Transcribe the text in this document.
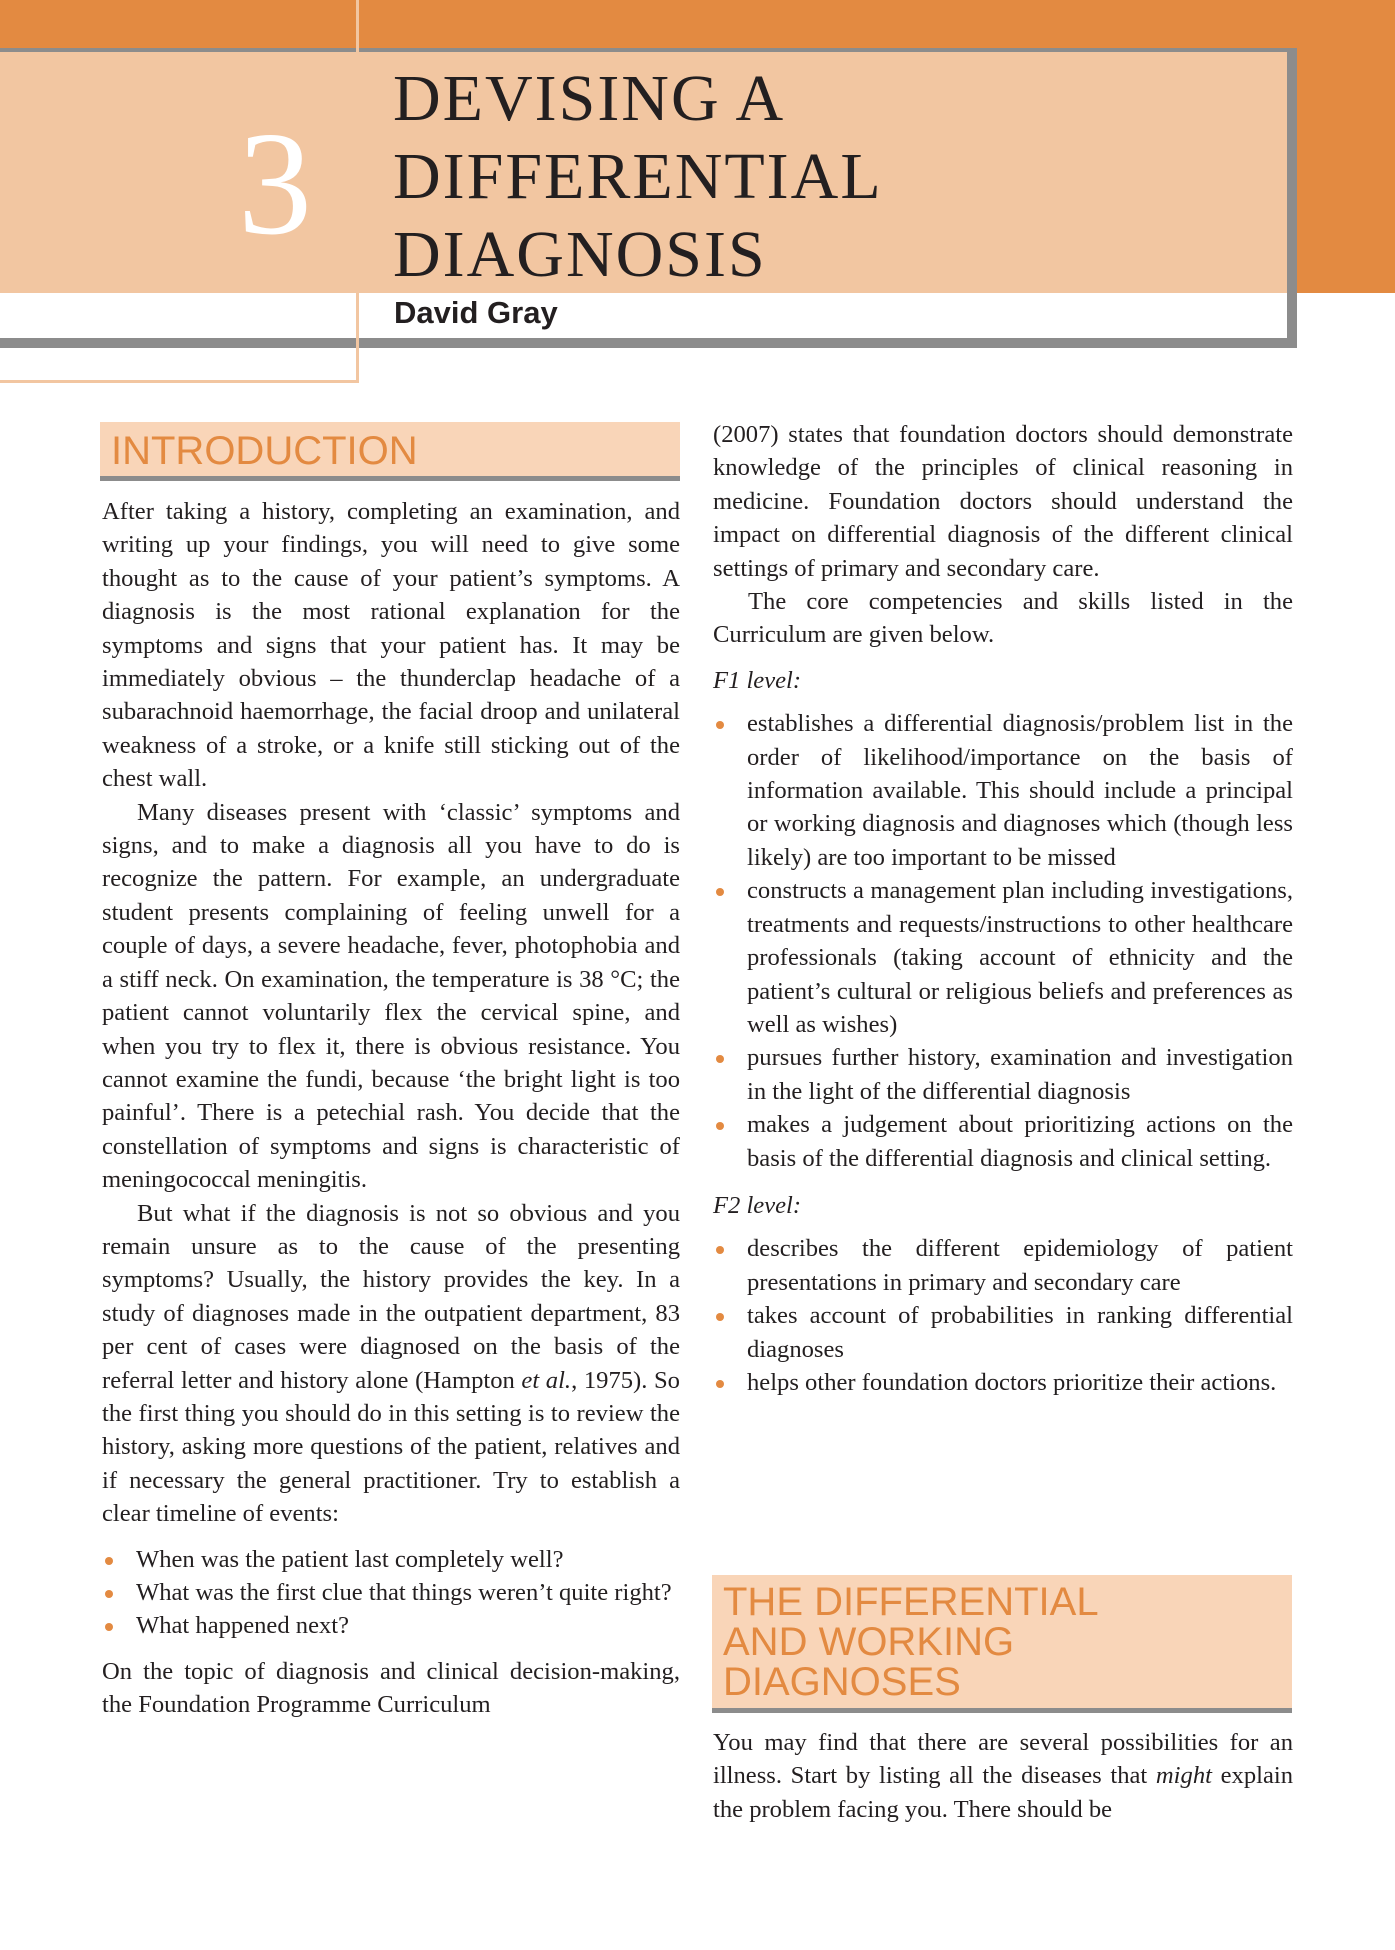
3
DEVISING A
DIFFERENTIAL
DIAGNOSIS
David Gray
INTRODUCTION

After taking a history, completing an examination, and writing up your findings, you will need to give some thought as to the cause of your patient’s symptoms. A diagnosis is the most rational explanation for the symptoms and signs that your patient has. It may be immediately obvious – the thunderclap headache of a subarachnoid haemorrhage, the facial droop and unilateral weakness of a stroke, or a knife still sticking out of the chest wall.

Many diseases present with ‘classic’ symptoms and signs, and to make a diagnosis all you have to do is recognize the pattern. For example, an undergraduate student presents complaining of feeling unwell for a couple of days, a severe headache, fever, photophobia and a stiff neck. On examination, the temperature is 38 °C; the patient cannot voluntarily flex the cervical spine, and when you try to flex it, there is obvious resistance. You cannot examine the fundi, because ‘the bright light is too painful’. There is a petechial rash. You decide that the constellation of symptoms and signs is characteristic of meningococcal meningitis.

But what if the diagnosis is not so obvious and you remain unsure as to the cause of the presenting symptoms? Usually, the history provides the key. In a study of diagnoses made in the outpatient department, 83 per cent of cases were diagnosed on the basis of the referral letter and history alone (Hampton et al., 1975). So the first thing you should do in this setting is to review the history, asking more questions of the patient, relatives and if necessary the general practitioner. Try to establish a clear timeline of events:

When was the patient last completely well?
What was the first clue that things weren’t quite right?
What happened next?

On the topic of diagnosis and clinical decision-making, the Foundation Programme Curriculum

(2007) states that foundation doctors should demonstrate knowledge of the principles of clinical reasoning in medicine. Foundation doctors should understand the impact on differential diagnosis of the different clinical settings of primary and secondary care.

The core competencies and skills listed in the Curriculum are given below.

F1 level:

establishes a differential diagnosis/problem list in the order of likelihood/importance on the basis of information available. This should include a principal or working diagnosis and diagnoses which (though less likely) are too important to be missed
constructs a management plan including investigations, treatments and requests/instructions to other healthcare professionals (taking account of ethnicity and the patient’s cultural or religious beliefs and preferences as well as wishes)
pursues further history, examination and investigation in the light of the differential diagnosis
makes a judgement about prioritizing actions on the basis of the differential diagnosis and clinical setting.

F2 level:

describes the different epidemiology of patient presentations in primary and secondary care
takes account of probabilities in ranking differential diagnoses
helps other foundation doctors prioritize their actions.
THE DIFFERENTIAL
AND WORKING
DIAGNOSES

You may find that there are several possibilities for an illness. Start by listing all the diseases that might explain the problem facing you. There should be
